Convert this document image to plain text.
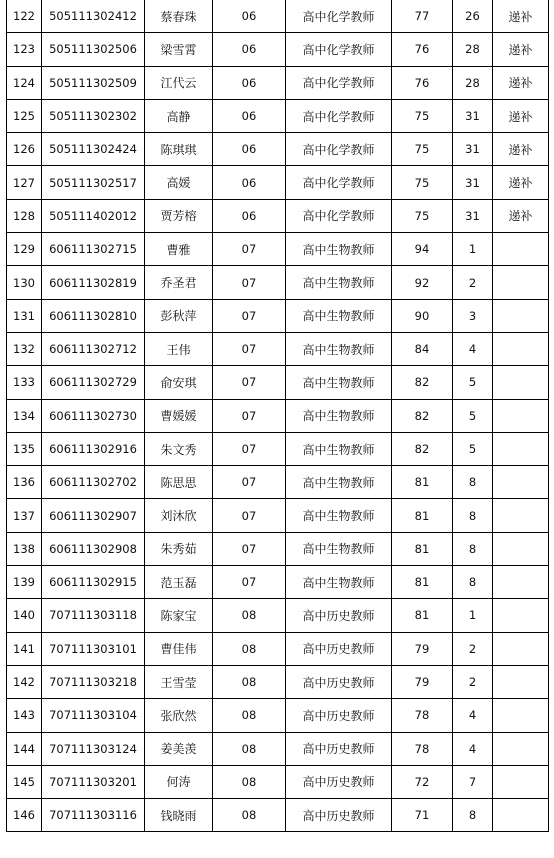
122	505111302412	蔡春珠	06	高中化学教师	77	26	递补
123	505111302506	梁雪霄	06	高中化学教师	76	28	递补
124	505111302509	江代云	06	高中化学教师	76	28	递补
125	505111302302	高静	06	高中化学教师	75	31	递补
126	505111302424	陈琪琪	06	高中化学教师	75	31	递补
127	505111302517	高媛	06	高中化学教师	75	31	递补
128	505111402012	贾芳榕	06	高中化学教师	75	31	递补
129	606111302715	曹雅	07	高中生物教师	94	1	
130	606111302819	乔圣君	07	高中生物教师	92	2	
131	606111302810	彭秋萍	07	高中生物教师	90	3	
132	606111302712	王伟	07	高中生物教师	84	4	
133	606111302729	俞安琪	07	高中生物教师	82	5	
134	606111302730	曹媛媛	07	高中生物教师	82	5	
135	606111302916	朱文秀	07	高中生物教师	82	5	
136	606111302702	陈思思	07	高中生物教师	81	8	
137	606111302907	刘沐欣	07	高中生物教师	81	8	
138	606111302908	朱秀茹	07	高中生物教师	81	8	
139	606111302915	范玉磊	07	高中生物教师	81	8	
140	707111303118	陈家宝	08	高中历史教师	81	1	
141	707111303101	曹佳伟	08	高中历史教师	79	2	
142	707111303218	王雪莹	08	高中历史教师	79	2	
143	707111303104	张欣然	08	高中历史教师	78	4	
144	707111303124	姜美羡	08	高中历史教师	78	4	
145	707111303201	何涛	08	高中历史教师	72	7	
146	707111303116	钱晓雨	08	高中历史教师	71	8	
